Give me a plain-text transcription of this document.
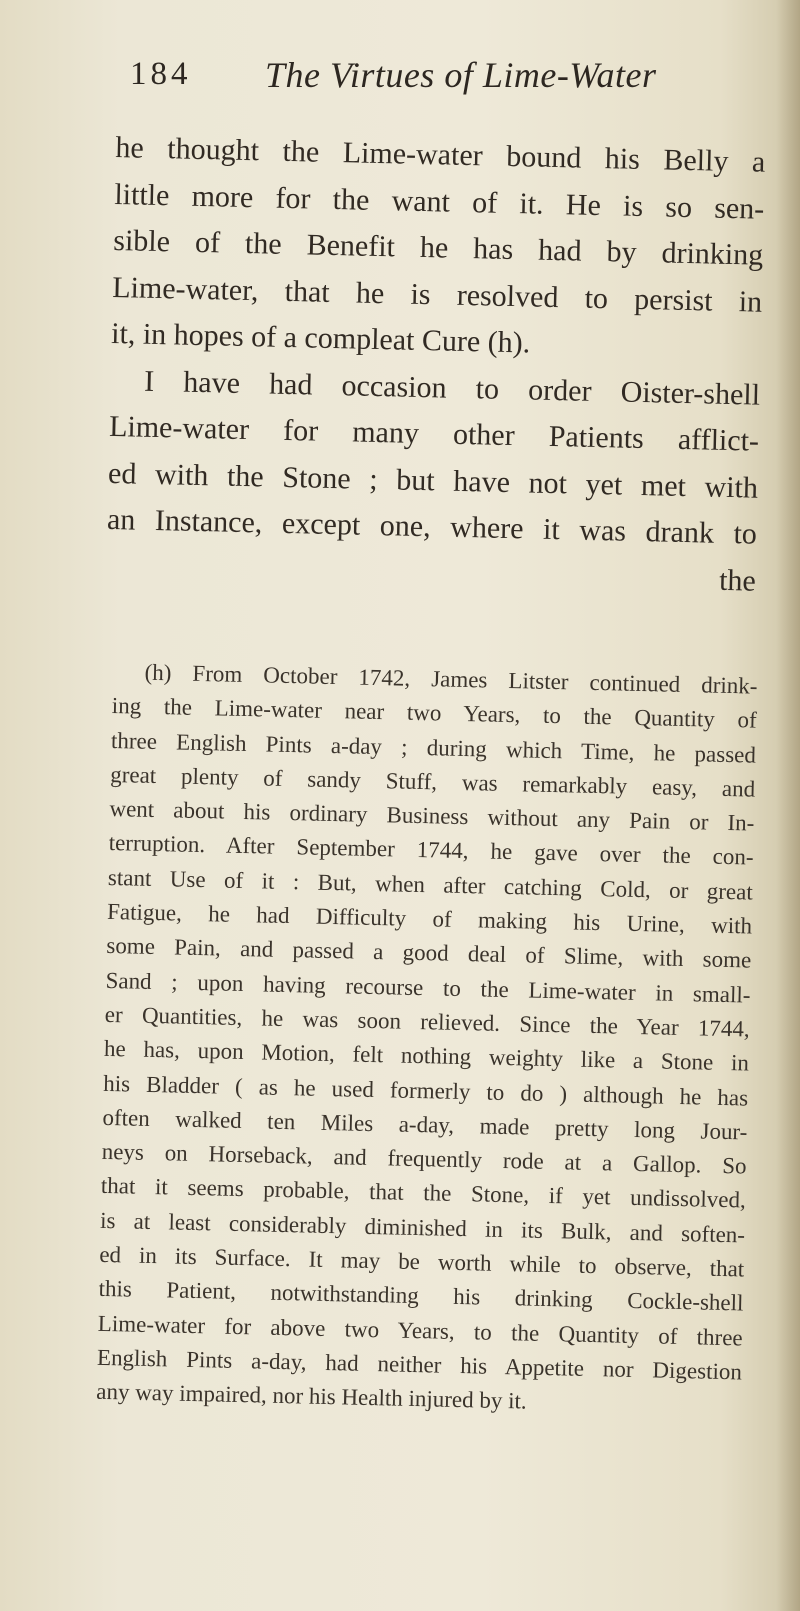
184 The Virtues of Lime-Water
he thought the Lime-water bound his Belly a
little more for the want of it. He is so sen-
sible of the Benefit he has had by drinking
Lime-water, that he is resolved to persist in
it, in hopes of a compleat Cure (h).
I have had occasion to order Oister-shell
Lime-water for many other Patients afflict-
ed with the Stone ; but have not yet met with
an Instance, except one, where it was drank to
the
(h) From October 1742, James Litster continued drink-
ing the Lime-water near two Years, to the Quantity of
three English Pints a-day ; during which Time, he passed
great plenty of sandy Stuff, was remarkably easy, and
went about his ordinary Business without any Pain or In-
terruption. After September 1744, he gave over the con-
stant Use of it : But, when after catching Cold, or great
Fatigue, he had Difficulty of making his Urine, with
some Pain, and passed a good deal of Slime, with some
Sand ; upon having recourse to the Lime-water in small-
er Quantities, he was soon relieved. Since the Year 1744,
he has, upon Motion, felt nothing weighty like a Stone in
his Bladder ( as he used formerly to do ) although he has
often walked ten Miles a-day, made pretty long Jour-
neys on Horseback, and frequently rode at a Gallop. So
that it seems probable, that the Stone, if yet undissolved,
is at least considerably diminished in its Bulk, and soften-
ed in its Surface. It may be worth while to observe, that
this Patient, notwithstanding his drinking Cockle-shell
Lime-water for above two Years, to the Quantity of three
English Pints a-day, had neither his Appetite nor Digestion
any way impaired, nor his Health injured by it.
